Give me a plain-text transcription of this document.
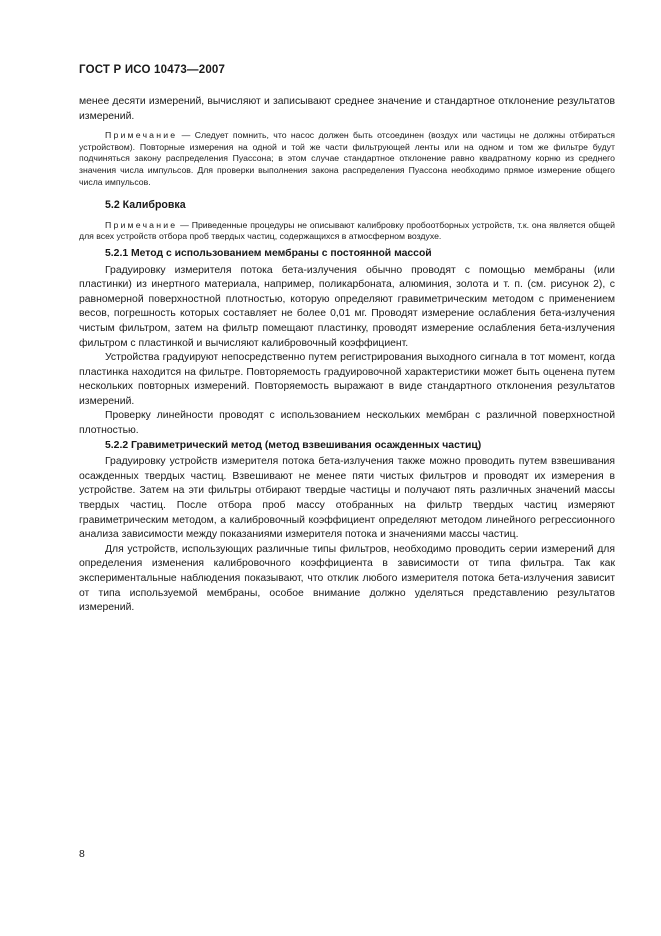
ГОСТ Р ИСО 10473—2007

менее десяти измерений, вычисляют и записывают среднее значение и стандартное отклонение результатов измерений.

Примечание — Следует помнить, что насос должен быть отсоединен (воздух или частицы не должны отбираться устройством). Повторные измерения на одной и той же части фильтрующей ленты или на одном и том же фильтре будут подчиняться закону распределения Пуассона; в этом случае стандартное отклонение равно квадратному корню из среднего значения числа импульсов. Для проверки выполнения закона распределения Пуассона необходимо прямое измерение общего числа импульсов.

5.2 Калибровка

Примечание — Приведенные процедуры не описывают калибровку пробоотборных устройств, т.к. она является общей для всех устройств отбора проб твердых частиц, содержащихся в атмосферном воздухе.

5.2.1 Метод с использованием мембраны с постоянной массой

Градуировку измерителя потока бета-излучения обычно проводят с помощью мембраны (или пластинки) из инертного материала, например, поликарбоната, алюминия, золота и т. п. (см. рисунок 2), с равномерной поверхностной плотностью, которую определяют гравиметрическим методом с применением весов, погрешность которых составляет не более 0,01 мг. Проводят измерение ослабления бета-излучения чистым фильтром, затем на фильтр помещают пластинку, проводят измерение ослабления бета-излучения фильтром с пластинкой и вычисляют калибровочный коэффициент.

Устройства градуируют непосредственно путем регистрирования выходного сигнала в тот момент, когда пластинка находится на фильтре. Повторяемость градуировочной характеристики может быть оценена путем нескольких повторных измерений. Повторяемость выражают в виде стандартного отклонения результатов измерений.

Проверку линейности проводят с использованием нескольких мембран с различной поверхностной плотностью.

5.2.2 Гравиметрический метод (метод взвешивания осажденных частиц)

Градуировку устройств измерителя потока бета-излучения также можно проводить путем взвешивания осажденных твердых частиц. Взвешивают не менее пяти чистых фильтров и проводят их измерения в устройстве. Затем на эти фильтры отбирают твердые частицы и получают пять различных значений массы твердых частиц. После отбора проб массу отобранных на фильтр твердых частиц измеряют гравиметрическим методом, а калибровочный коэффициент определяют методом линейного регрессионного анализа зависимости между показаниями измерителя потока и значениями массы частиц.

Для устройств, использующих различные типы фильтров, необходимо проводить серии измерений для определения изменения калибровочного коэффициента в зависимости от типа фильтра. Так как экспериментальные наблюдения показывают, что отклик любого измерителя потока бета-излучения зависит от типа используемой мембраны, особое внимание должно уделяться представлению результатов измерений.

8
